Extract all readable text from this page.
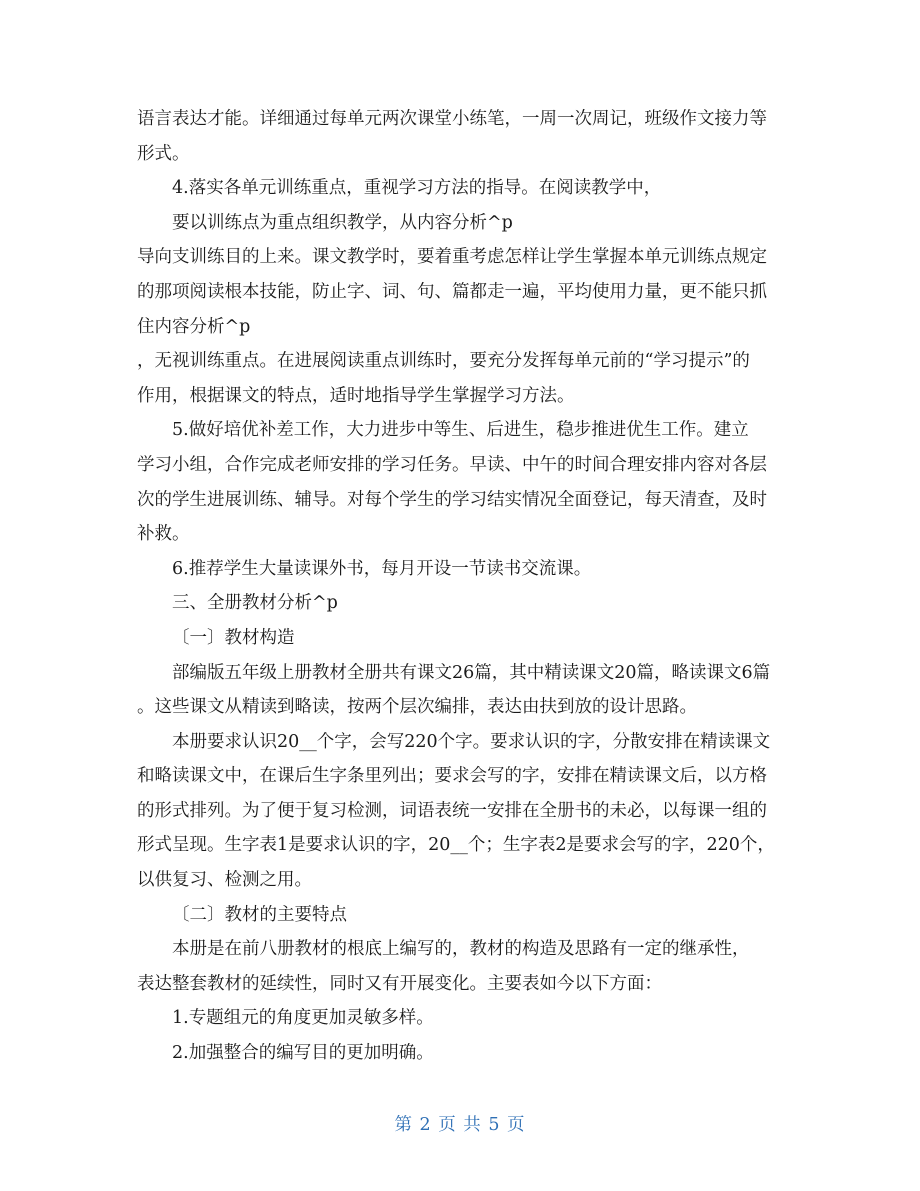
语言表达才能。详细通过每单元两次课堂小练笔，一周一次周记，班级作文接力等
形式。
4.落实各单元训练重点，重视学习方法的指导。在阅读教学中，
要以训练点为重点组织教学，从内容分析^p
导向支训练目的上来。课文教学时，要着重考虑怎样让学生掌握本单元训练点规定
的那项阅读根本技能，防止字、词、句、篇都走一遍，平均使用力量，更不能只抓
住内容分析^p
，无视训练重点。在进展阅读重点训练时，要充分发挥每单元前的“学习提示”的
作用，根据课文的特点，适时地指导学生掌握学习方法。
5.做好培优补差工作，大力进步中等生、后进生，稳步推进优生工作。建立
学习小组，合作完成老师安排的学习任务。早读、中午的时间合理安排内容对各层
次的学生进展训练、辅导。对每个学生的学习结实情况全面登记，每天清查，及时
补救。
6.推荐学生大量读课外书，每月开设一节读书交流课。
三、全册教材分析^p
〔一〕教材构造
部编版五年级上册教材全册共有课文26篇，其中精读课文20篇，略读课文6篇
。这些课文从精读到略读，按两个层次编排，表达由扶到放的设计思路。
本册要求认识20__个字，会写220个字。要求认识的字，分散安排在精读课文
和略读课文中，在课后生字条里列出；要求会写的字，安排在精读课文后，以方格
的形式排列。为了便于复习检测，词语表统一安排在全册书的未必，以每课一组的
形式呈现。生字表1是要求认识的字，20__个；生字表2是要求会写的字，220个，
以供复习、检测之用。
〔二〕教材的主要特点
本册是在前八册教材的根底上编写的，教材的构造及思路有一定的继承性，
表达整套教材的延续性，同时又有开展变化。主要表如今以下方面：
1.专题组元的角度更加灵敏多样。
2.加强整合的编写目的更加明确。
第 2 页 共 5 页
